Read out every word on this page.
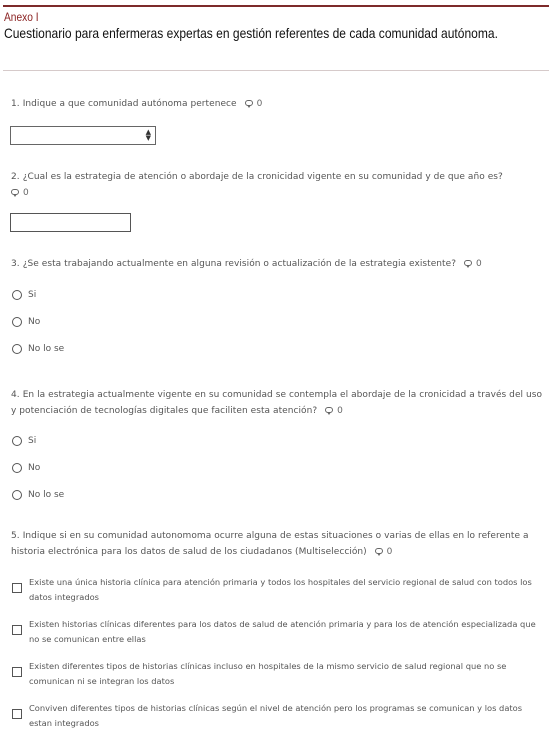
Anexo I
Cuestionario para enfermeras expertas en gestión referentes de cada comunidad autónoma.
1. Indique a que comunidad autónoma pertenece 0
▲
▼
2. ¿Cual es la estrategia de atención o abordaje de la cronicidad vigente en su comunidad y de que año es?
0
3. ¿Se esta trabajando actualmente en alguna revisión o actualización de la estrategia existente? 0
Si
No
No lo se
4. En la estrategia actualmente vigente en su comunidad se contempla el abordaje de la cronicidad a través del uso y potenciación de tecnologías digitales que faciliten esta atención? 0
Si
No
No lo se
5. Indique si en su comunidad autonomoma ocurre alguna de estas situaciones o varias de ellas en lo referente a historia electrónica para los datos de salud de los ciudadanos (Multiselección) 0
Existe una única historia clínica para atención primaria y todos los hospitales del servicio regional de salud con todos los datos integrados
Existen historias clínicas diferentes para los datos de salud de atención primaria y para los de atención especializada que no se comunican entre ellas
Existen diferentes tipos de historias clínicas incluso en hospitales de la mismo servicio de salud regional que no se comunican ni se integran los datos
Conviven diferentes tipos de historias clínicas según el nivel de atención pero los programas se comunican y los datos estan integrados
